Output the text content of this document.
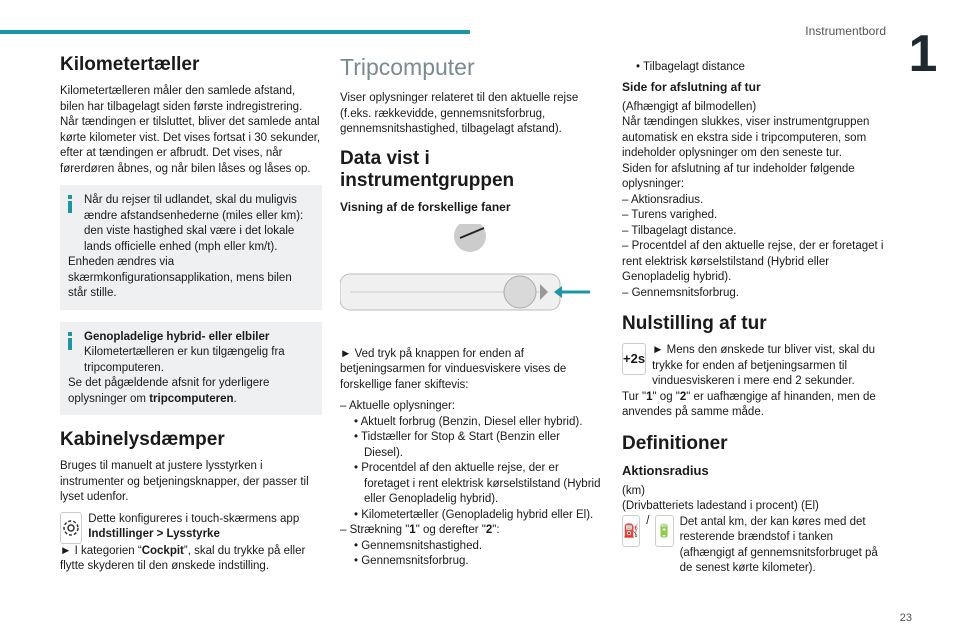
Instrumentbord 1
Kilometertæller

Kilometertælleren måler den samlede afstand, bilen har tilbagelagt siden første indregistrering. Når tændingen er tilsluttet, bliver det samlede antal kørte kilometer vist. Det vises fortsat i 30 sekunder, efter at tændingen er afbrudt. Det vises, når førerdøren åbnes, og når bilen låses og låses op.

Når du rejser til udlandet, skal du muligvis ændre afstandsenhederne (miles eller km): den viste hastighed skal være i det lokale lands officielle enhed (mph eller km/t).

Enheden ændres via skærmkonfigurationsapplikation, mens bilen står stille.

Genopladelige hybrid- eller elbiler

Kilometertælleren er kun tilgængelig fra tripcomputeren.

Se det pågældende afsnit for yderligere oplysninger om tripcomputeren.

Kabinelysdæmper

Bruges til manuelt at justere lysstyrken i instrumenter og betjeningsknapper, der passer til lyset udenfor.

Dette konfigureres i touch-skærmens app Indstillinger > Lysstyrke

► I kategorien “Cockpit”, skal du trykke på eller flytte skyderen til den ønskede indstilling.

Tripcomputer

Viser oplysninger relateret til den aktuelle rejse (f.eks. rækkevidde, gennemsnitsforbrug, gennemsnitshastighed, tilbagelagt afstand).

Data vist i instrumentgruppen
Visning af de forskellige faner

► Ved tryk på knappen for enden af betjeningsarmen for vinduesviskere vises de forskellige faner skiftevis:

– Aktuelle oplysninger:
• Aktuelt forbrug (Benzin, Diesel eller hybrid).
• Tidstæller for Stop & Start (Benzin eller Diesel).
• Procentdel af den aktuelle rejse, der er foretaget i rent elektrisk kørselstilstand (Hybrid eller Genopladelig hybrid).
• Kilometertæller (Genopladelig hybrid eller El).
– Strækning "1" og derefter "2":
• Gennemsnitshastighed.
• Gennemsnitsforbrug.
• Tilbagelagt distance
Side for afslutning af tur

(Afhængigt af bilmodellen)

Når tændingen slukkes, viser instrumentgruppen automatisk en ekstra side i tripcomputeren, som indeholder oplysninger om den seneste tur.

Siden for afslutning af tur indeholder følgende oplysninger:

– Aktionsradius.
– Turens varighed.
– Tilbagelagt distance.
– Procentdel af den aktuelle rejse, der er foretaget i rent elektrisk kørselstilstand (Hybrid eller Genopladelig hybrid).
– Gennemsnitsforbrug.
Nulstilling af tur
+2s

► Mens den ønskede tur bliver vist, skal du trykke for enden af betjeningsarmen til vinduesviskeren i mere end 2 sekunder.

Tur "1" og "2" er uafhængige af hinanden, men de anvendes på samme måde.

Definitioner
Aktionsradius

(km)

(Drivbatteriets ladestand i procent) (El)

⛽
/
🔋

Det antal km, der kan køres med det resterende brændstof i tanken (afhængigt af gennemsnitsforbruget på de senest kørte kilometer).

23
